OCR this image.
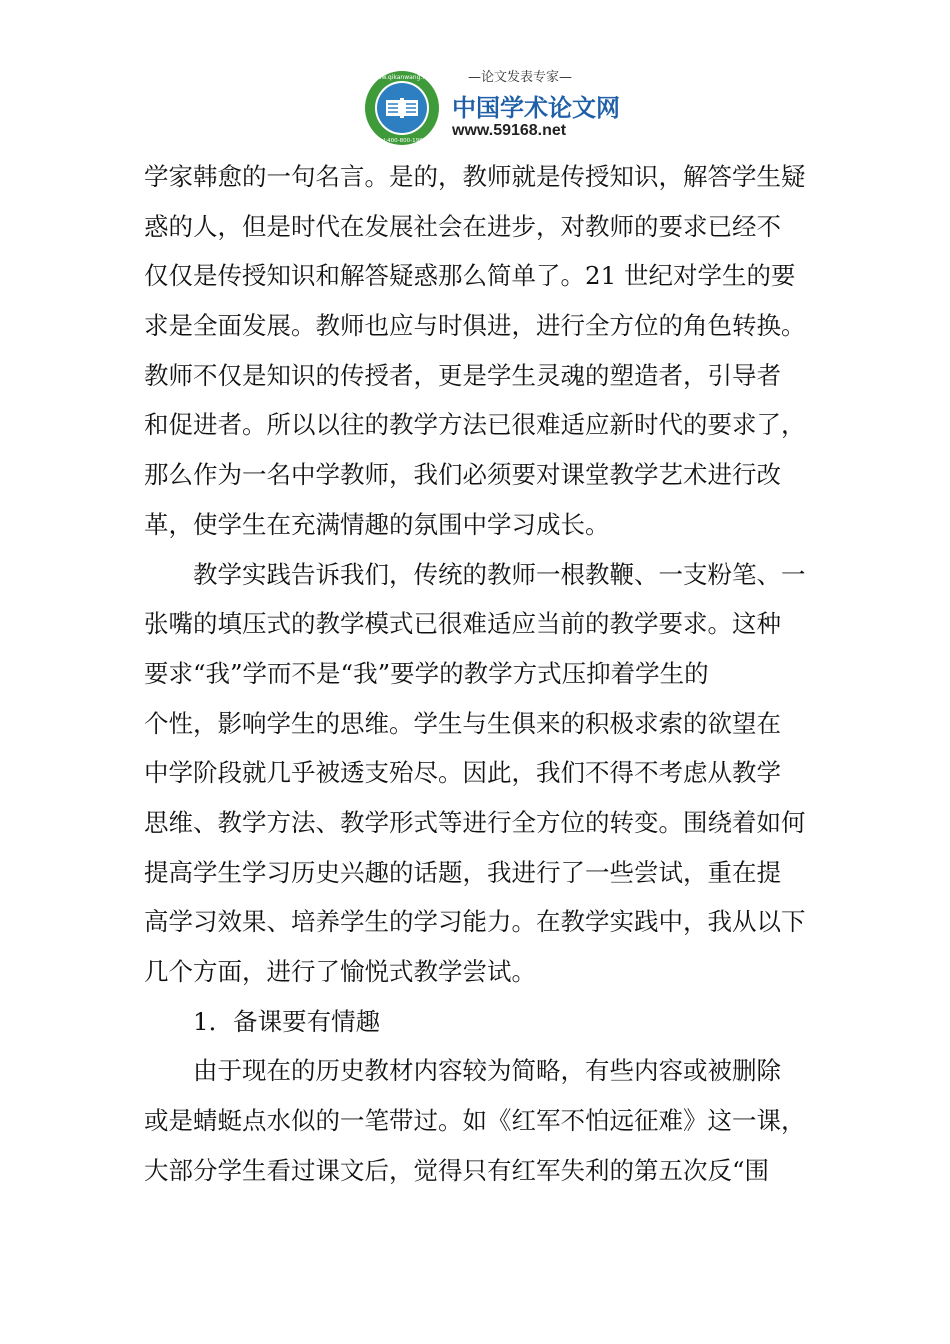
www.qikanwang.net
Tel:400-800-1987
—论文发表专家—
中国学术论文网
www.59168.net
学家韩愈的一句名言。是的，教师就是传授知识，解答学生疑
惑的人，但是时代在发展社会在进步，对教师的要求已经不
仅仅是传授知识和解答疑惑那么简单了。21 世纪对学生的要
求是全面发展。教师也应与时俱进，进行全方位的角色转换。
教师不仅是知识的传授者，更是学生灵魂的塑造者，引导者
和促进者。所以以往的教学方法已很难适应新时代的要求了，
那么作为一名中学教师，我们必须要对课堂教学艺术进行改
革，使学生在充满情趣的氛围中学习成长。
教学实践告诉我们，传统的教师一根教鞭、一支粉笔、一
张嘴的填压式的教学模式已很难适应当前的教学要求。这种
要求“我”学而不是“我”要学的教学方式压抑着学生的
个性，影响学生的思维。学生与生俱来的积极求索的欲望在
中学阶段就几乎被透支殆尽。因此，我们不得不考虑从教学
思维、教学方法、教学形式等进行全方位的转变。围绕着如何
提高学生学习历史兴趣的话题，我进行了一些尝试，重在提
高学习效果、培养学生的学习能力。在教学实践中，我从以下
几个方面，进行了愉悦式教学尝试。
1．备课要有情趣
由于现在的历史教材内容较为简略，有些内容或被删除
或是蜻蜓点水似的一笔带过。如《红军不怕远征难》这一课，
大部分学生看过课文后，觉得只有红军失利的第五次反“围
